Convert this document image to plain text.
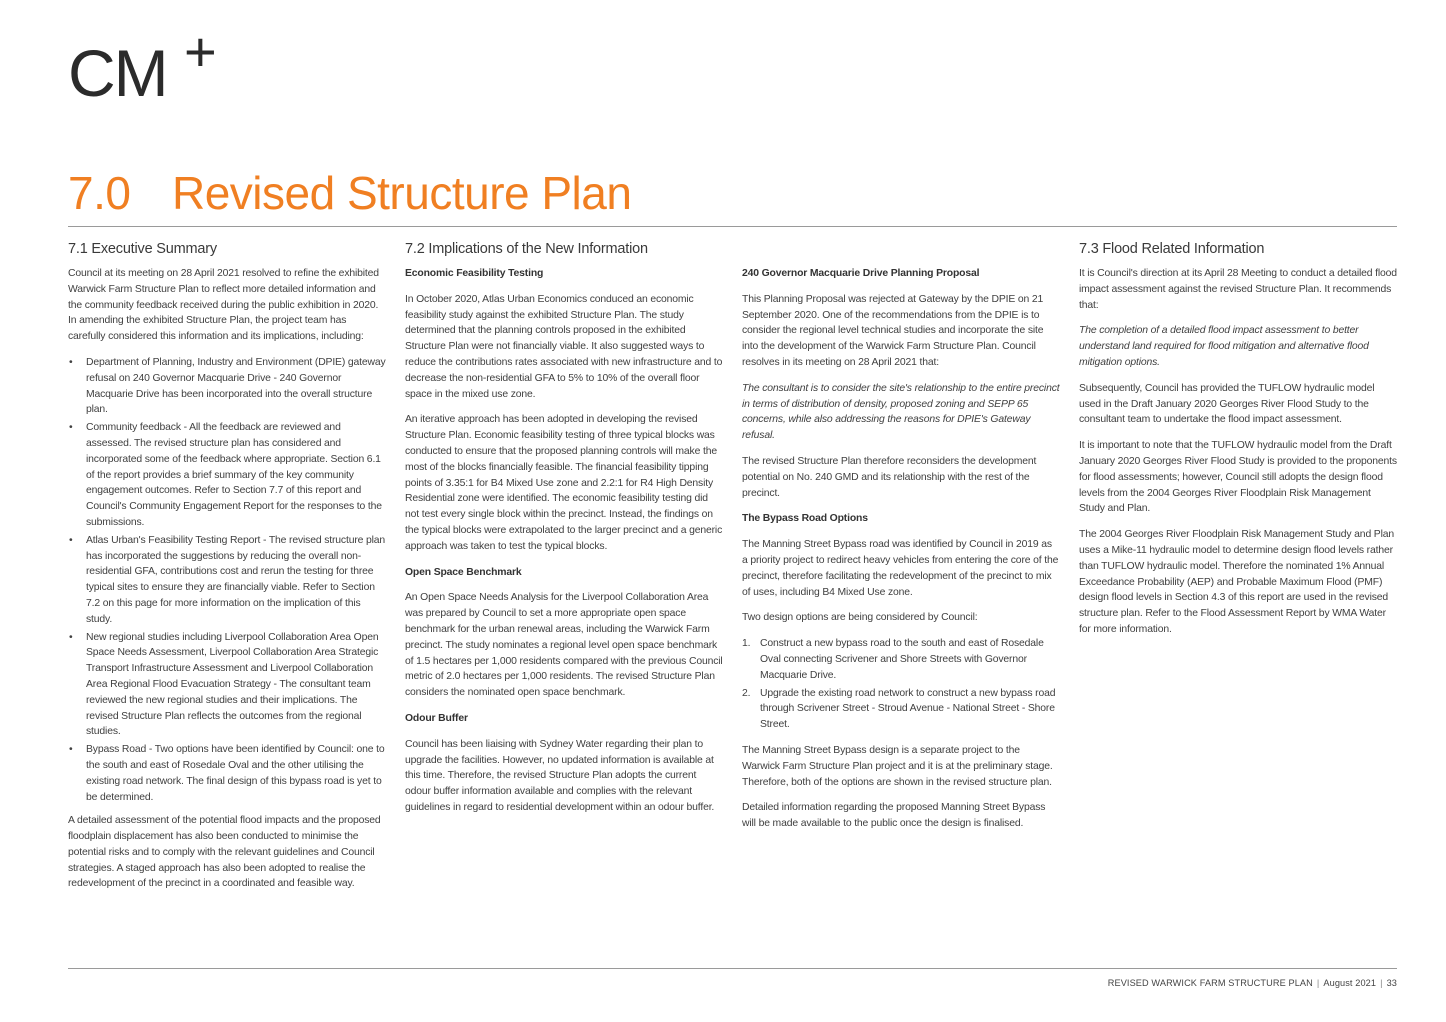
CM +
7.0 Revised Structure Plan
7.1 Executive Summary

Council at its meeting on 28 April 2021 resolved to refine the exhibited Warwick Farm Structure Plan to reflect more detailed information and the community feedback received during the public exhibition in 2020. In amending the exhibited Structure Plan, the project team has carefully considered this information and its implications, including:

• Department of Planning, Industry and Environment (DPIE) gateway refusal on 240 Governor Macquarie Drive - 240 Governor Macquarie Drive has been incorporated into the overall structure plan.
• Community feedback - All the feedback are reviewed and assessed. The revised structure plan has considered and incorporated some of the feedback where appropriate. Section 6.1 of the report provides a brief summary of the key community engagement outcomes. Refer to Section 7.7 of this report and Council's Community Engagement Report for the responses to the submissions.
• Atlas Urban's Feasibility Testing Report - The revised structure plan has incorporated the suggestions by reducing the overall non-residential GFA, contributions cost and rerun the testing for three typical sites to ensure they are financially viable. Refer to Section 7.2 on this page for more information on the implication of this study.
• New regional studies including Liverpool Collaboration Area Open Space Needs Assessment, Liverpool Collaboration Area Strategic Transport Infrastructure Assessment and Liverpool Collaboration Area Regional Flood Evacuation Strategy - The consultant team reviewed the new regional studies and their implications. The revised Structure Plan reflects the outcomes from the regional studies.
• Bypass Road - Two options have been identified by Council: one to the south and east of Rosedale Oval and the other utilising the existing road network. The final design of this bypass road is yet to be determined.

A detailed assessment of the potential flood impacts and the proposed floodplain displacement has also been conducted to minimise the potential risks and to comply with the relevant guidelines and Council strategies. A staged approach has also been adopted to realise the redevelopment of the precinct in a coordinated and feasible way.

7.2 Implications of the New Information
Economic Feasibility Testing

In October 2020, Atlas Urban Economics conduced an economic feasibility study against the exhibited Structure Plan. The study determined that the planning controls proposed in the exhibited Structure Plan were not financially viable. It also suggested ways to reduce the contributions rates associated with new infrastructure and to decrease the non-residential GFA to 5% to 10% of the overall floor space in the mixed use zone.

An iterative approach has been adopted in developing the revised Structure Plan. Economic feasibility testing of three typical blocks was conducted to ensure that the proposed planning controls will make the most of the blocks financially feasible. The financial feasibility tipping points of 3.35:1 for B4 Mixed Use zone and 2.2:1 for R4 High Density Residential zone were identified. The economic feasibility testing did not test every single block within the precinct. Instead, the findings on the typical blocks were extrapolated to the larger precinct and a generic approach was taken to test the typical blocks.

Open Space Benchmark

An Open Space Needs Analysis for the Liverpool Collaboration Area was prepared by Council to set a more appropriate open space benchmark for the urban renewal areas, including the Warwick Farm precinct. The study nominates a regional level open space benchmark of 1.5 hectares per 1,000 residents compared with the previous Council metric of 2.0 hectares per 1,000 residents. The revised Structure Plan considers the nominated open space benchmark.

Odour Buffer

Council has been liaising with Sydney Water regarding their plan to upgrade the facilities. However, no updated information is available at this time. Therefore, the revised Structure Plan adopts the current odour buffer information available and complies with the relevant guidelines in regard to residential development within an odour buffer.

240 Governor Macquarie Drive Planning Proposal

This Planning Proposal was rejected at Gateway by the DPIE on 21 September 2020. One of the recommendations from the DPIE is to consider the regional level technical studies and incorporate the site into the development of the Warwick Farm Structure Plan. Council resolves in its meeting on 28 April 2021 that:

The consultant is to consider the site's relationship to the entire precinct in terms of distribution of density, proposed zoning and SEPP 65 concerns, while also addressing the reasons for DPIE's Gateway refusal.

The revised Structure Plan therefore reconsiders the development potential on No. 240 GMD and its relationship with the rest of the precinct.

The Bypass Road Options

The Manning Street Bypass road was identified by Council in 2019 as a priority project to redirect heavy vehicles from entering the core of the precinct, therefore facilitating the redevelopment of the precinct to mix of uses, including B4 Mixed Use zone.

Two design options are being considered by Council:

1. Construct a new bypass road to the south and east of Rosedale Oval connecting Scrivener and Shore Streets with Governor Macquarie Drive.
2. Upgrade the existing road network to construct a new bypass road through Scrivener Street - Stroud Avenue - National Street - Shore Street.

The Manning Street Bypass design is a separate project to the Warwick Farm Structure Plan project and it is at the preliminary stage. Therefore, both of the options are shown in the revised structure plan.

Detailed information regarding the proposed Manning Street Bypass will be made available to the public once the design is finalised.

7.3 Flood Related Information

It is Council's direction at its April 28 Meeting to conduct a detailed flood impact assessment against the revised Structure Plan. It recommends that:

The completion of a detailed flood impact assessment to better understand land required for flood mitigation and alternative flood mitigation options.

Subsequently, Council has provided the TUFLOW hydraulic model used in the Draft January 2020 Georges River Flood Study to the consultant team to undertake the flood impact assessment.

It is important to note that the TUFLOW hydraulic model from the Draft January 2020 Georges River Flood Study is provided to the proponents for flood assessments; however, Council still adopts the design flood levels from the 2004 Georges River Floodplain Risk Management Study and Plan.

The 2004 Georges River Floodplain Risk Management Study and Plan uses a Mike-11 hydraulic model to determine design flood levels rather than TUFLOW hydraulic model. Therefore the nominated 1% Annual Exceedance Probability (AEP) and Probable Maximum Flood (PMF) design flood levels in Section 4.3 of this report are used in the revised structure plan. Refer to the Flood Assessment Report by WMA Water for more information.

REVISED WARWICK FARM STRUCTURE PLAN | August 2021 | 33
